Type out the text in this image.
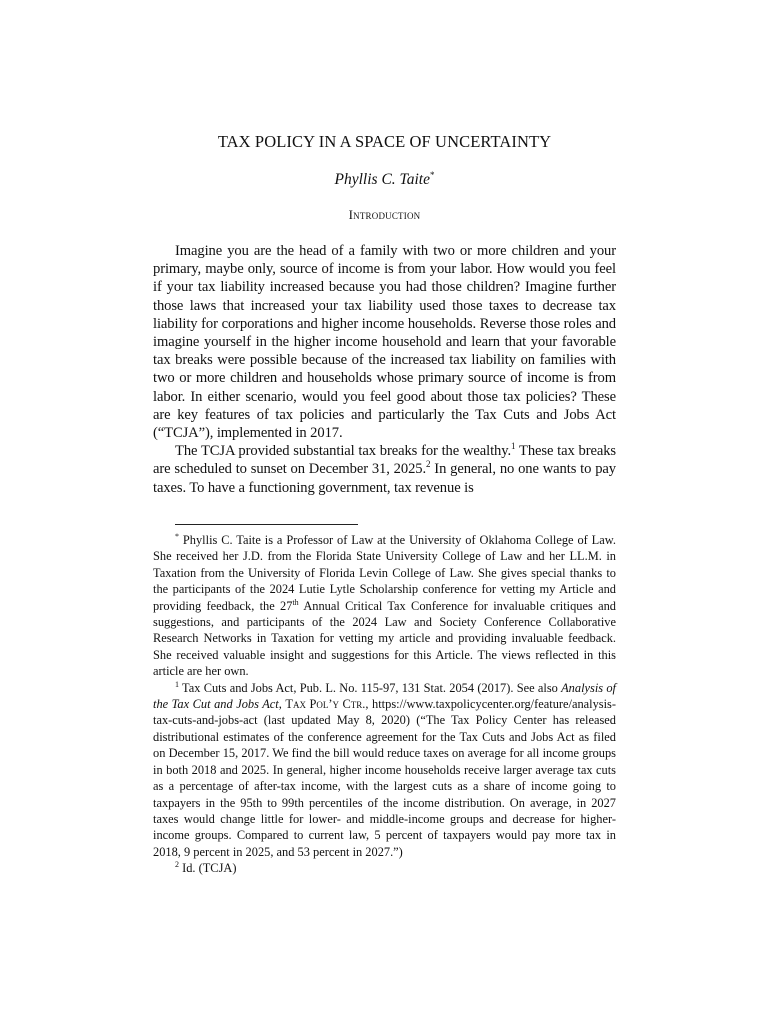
TAX POLICY IN A SPACE OF UNCERTAINTY
Phyllis C. Taite*
Introduction

Imagine you are the head of a family with two or more children and your primary, maybe only, source of income is from your labor. How would you feel if your tax liability increased because you had those children? Imagine further those laws that increased your tax liability used those taxes to decrease tax liability for corporations and higher income households. Reverse those roles and imagine yourself in the higher income household and learn that your favorable tax breaks were possible because of the increased tax liability on families with two or more children and households whose primary source of income is from labor. In either scenario, would you feel good about those tax policies? These are key features of tax policies and particularly the Tax Cuts and Jobs Act (“TCJA”), implemented in 2017.

The TCJA provided substantial tax breaks for the wealthy.$^1$ These tax breaks are scheduled to sunset on December 31, 2025.$^2$ In general, no one wants to pay taxes. To have a functioning government, tax revenue is

* Phyllis C. Taite is a Professor of Law at the University of Oklahoma College of Law. She received her J.D. from the Florida State University College of Law and her LL.M. in Taxation from the University of Florida Levin College of Law. She gives special thanks to the participants of the 2024 Lutie Lytle Scholarship conference for vetting my Article and providing feedback, the 27th Annual Critical Tax Conference for invaluable critiques and suggestions, and participants of the 2024 Law and Society Conference Collaborative Research Networks in Taxation for vetting my article and providing invaluable feedback. She received valuable insight and suggestions for this Article. The views reflected in this article are her own.

$^1$ Tax Cuts and Jobs Act, Pub. L. No. 115-97, 131 Stat. 2054 (2017). See also Analysis of the Tax Cut and Jobs Act, Tax Pol’y Ctr., https://www.taxpolicycenter.org/feature/analysis-tax-cuts-and-jobs-act (last updated May 8, 2020) (“The Tax Policy Center has released distributional estimates of the conference agreement for the Tax Cuts and Jobs Act as filed on December 15, 2017. We find the bill would reduce taxes on average for all income groups in both 2018 and 2025. In general, higher income households receive larger average tax cuts as a percentage of after-tax income, with the largest cuts as a share of income going to taxpayers in the 95th to 99th percentiles of the income distribution. On average, in 2027 taxes would change little for lower- and middle-income groups and decrease for higher-income groups. Compared to current law, 5 percent of taxpayers would pay more tax in 2018, 9 percent in 2025, and 53 percent in 2027.”)

$^2$ Id. (TCJA)
